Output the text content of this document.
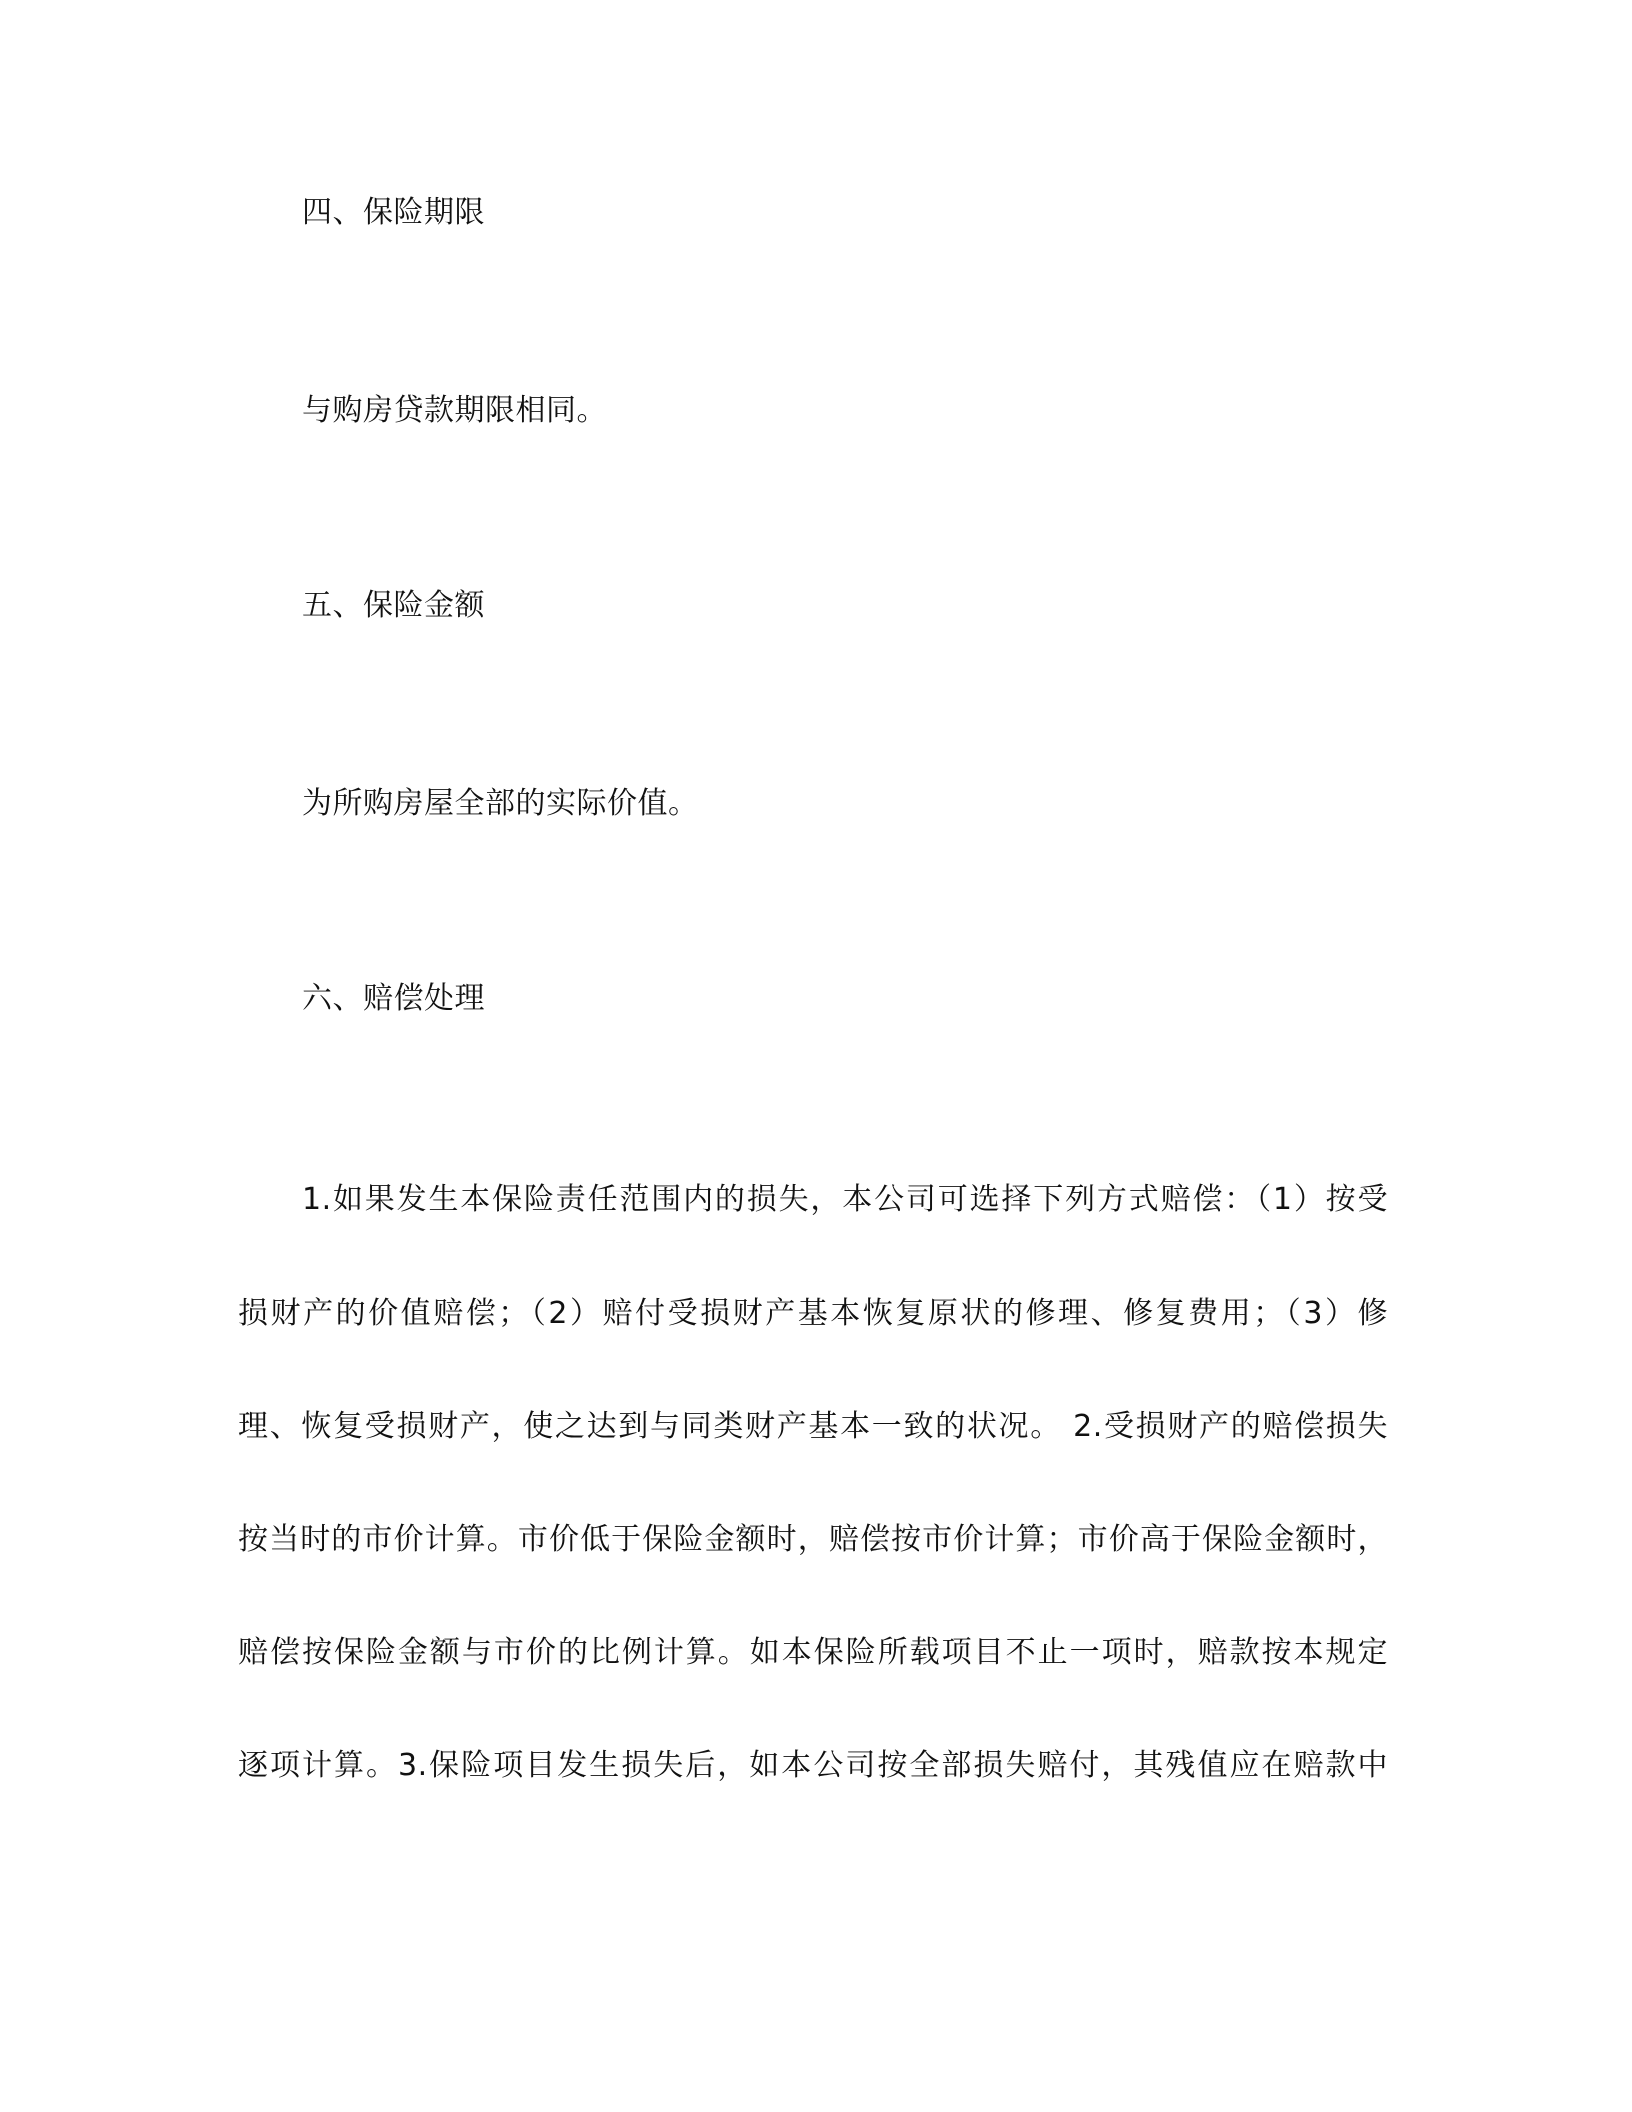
四、保险期限
与购房贷款期限相同。
五、保险金额
为所购房屋全部的实际价值。
六、赔偿处理
1.如果发生本保险责任范围内的损失，本公司可选择下列方式赔偿：（1）按受
损财产的价值赔偿；（2）赔付受损财产基本恢复原状的修理、修复费用；（3）修
理、恢复受损财产，使之达到与同类财产基本一致的状况。 2.受损财产的赔偿损失
按当时的市价计算。市价低于保险金额时，赔偿按市价计算；市价高于保险金额时，
赔偿按保险金额与市价的比例计算。如本保险所载项目不止一项时，赔款按本规定
逐项计算。3.保险项目发生损失后，如本公司按全部损失赔付，其残值应在赔款中
